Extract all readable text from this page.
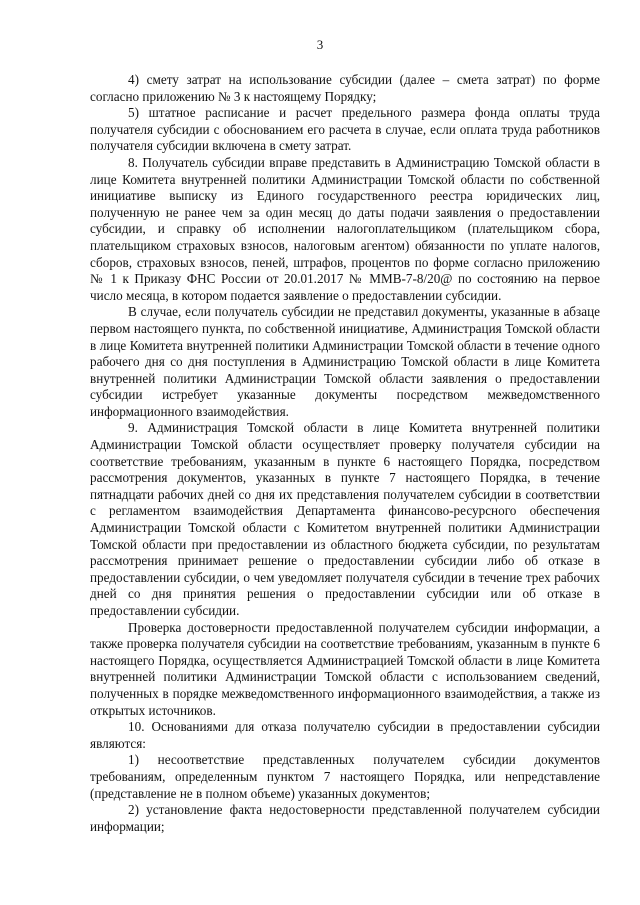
3

4) смету затрат на использование субсидии (далее – смета затрат) по форме согласно приложению № 3 к настоящему Порядку;

5) штатное расписание и расчет предельного размера фонда оплаты труда получателя субсидии с обоснованием его расчета в случае, если оплата труда работников получателя субсидии включена в смету затрат.

8. Получатель субсидии вправе представить в Администрацию Томской области в лице Комитета внутренней политики Администрации Томской области по собственной инициативе выписку из Единого государственного реестра юридических лиц, полученную не ранее чем за один месяц до даты подачи заявления о предоставлении субсидии, и справку об исполнении налогоплательщиком (плательщиком сбора, плательщиком страховых взносов, налоговым агентом) обязанности по уплате налогов, сборов, страховых взносов, пеней, штрафов, процентов по форме согласно приложению № 1 к Приказу ФНС России от 20.01.2017 № ММВ-7-8/20@ по состоянию на первое число месяца, в котором подается заявление о предоставлении субсидии.

В случае, если получатель субсидии не представил документы, указанные в абзаце первом настоящего пункта, по собственной инициативе, Администрация Томской области в лице Комитета внутренней политики Администрации Томской области в течение одного рабочего дня со дня поступления в Администрацию Томской области в лице Комитета внутренней политики Администрации Томской области заявления о предоставлении субсидии истребует указанные документы посредством межведомственного информационного взаимодействия.

9. Администрация Томской области в лице Комитета внутренней политики Администрации Томской области осуществляет проверку получателя субсидии на соответствие требованиям, указанным в пункте 6 настоящего Порядка, посредством рассмотрения документов, указанных в пункте 7 настоящего Порядка, в течение пятнадцати рабочих дней со дня их представления получателем субсидии в соответствии с регламентом взаимодействия Департамента финансово-ресурсного обеспечения Администрации Томской области с Комитетом внутренней политики Администрации Томской области при предоставлении из областного бюджета субсидии, по результатам рассмотрения принимает решение о предоставлении субсидии либо об отказе в предоставлении субсидии, о чем уведомляет получателя субсидии в течение трех рабочих дней со дня принятия решения о предоставлении субсидии или об отказе в предоставлении субсидии.

Проверка достоверности предоставленной получателем субсидии информации, а также проверка получателя субсидии на соответствие требованиям, указанным в пункте 6 настоящего Порядка, осуществляется Администрацией Томской области в лице Комитета внутренней политики Администрации Томской области с использованием сведений, полученных в порядке межведомственного информационного взаимодействия, а также из открытых источников.

10. Основаниями для отказа получателю субсидии в предоставлении субсидии являются:

1) несоответствие представленных получателем субсидии документов требованиям, определенным пунктом 7 настоящего Порядка, или непредставление (представление не в полном объеме) указанных документов;

2) установление факта недостоверности представленной получателем субсидии информации;
